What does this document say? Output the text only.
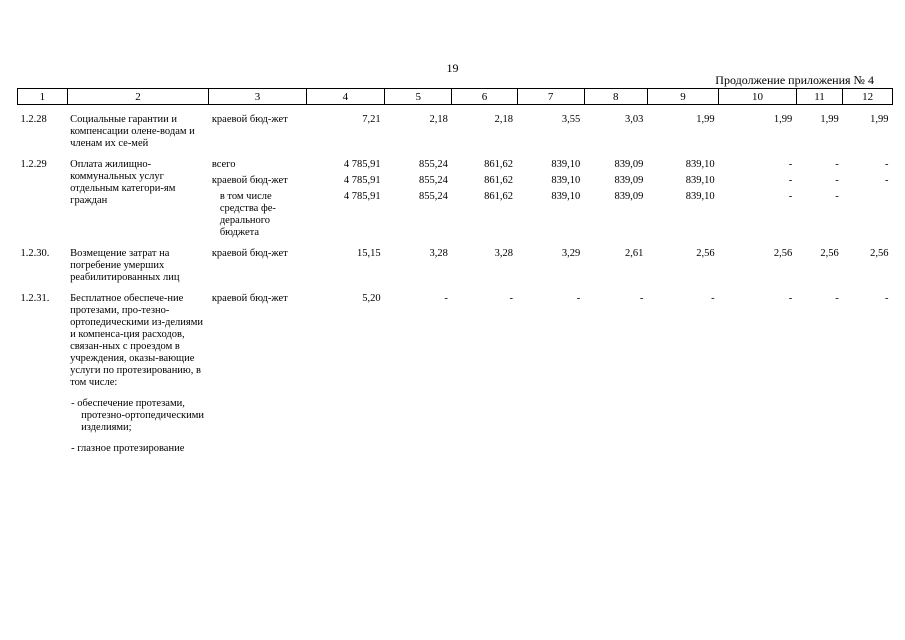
19
Продолжение приложения № 4
1	2	3	4	5	6	7	8	9	10	11	12
1.2.28	Социальные гарантии и компенсации олене-водам и членам их се-мей	краевой бюд-жет	7,21	2,18	2,18	3,55	3,03	1,99	1,99	1,99	1,99
1.2.29	Оплата жилищно-коммунальных услуг отдельным категори-ям граждан	всего	4 785,91	855,24	861,62	839,10	839,09	839,10	-	-	-
		краевой бюд-жет	4 785,91	855,24	861,62	839,10	839,09	839,10	-	-	-
		в том числе средства фе-дерального бюджета	4 785,91	855,24	861,62	839,10	839,09	839,10	-	-	
1.2.30.	Возмещение затрат на погребение умерших реабилитированных лиц	краевой бюд-жет	15,15	3,28	3,28	3,29	2,61	2,56	2,56	2,56	2,56
1.2.31.	Бесплатное обеспече-ние протезами, про-тезно-ортопедическими из-делиями и компенса-ция расходов, связан-ных с проездом в учреждения, оказы-вающие услуги по протезированию, в том числе:	краевой бюд-жет	5,20	-	-	-	-	-	-	-	-

	- обеспечение протезами, протезно-ортопедическими изделиями;										

	- глазное протезирование										
